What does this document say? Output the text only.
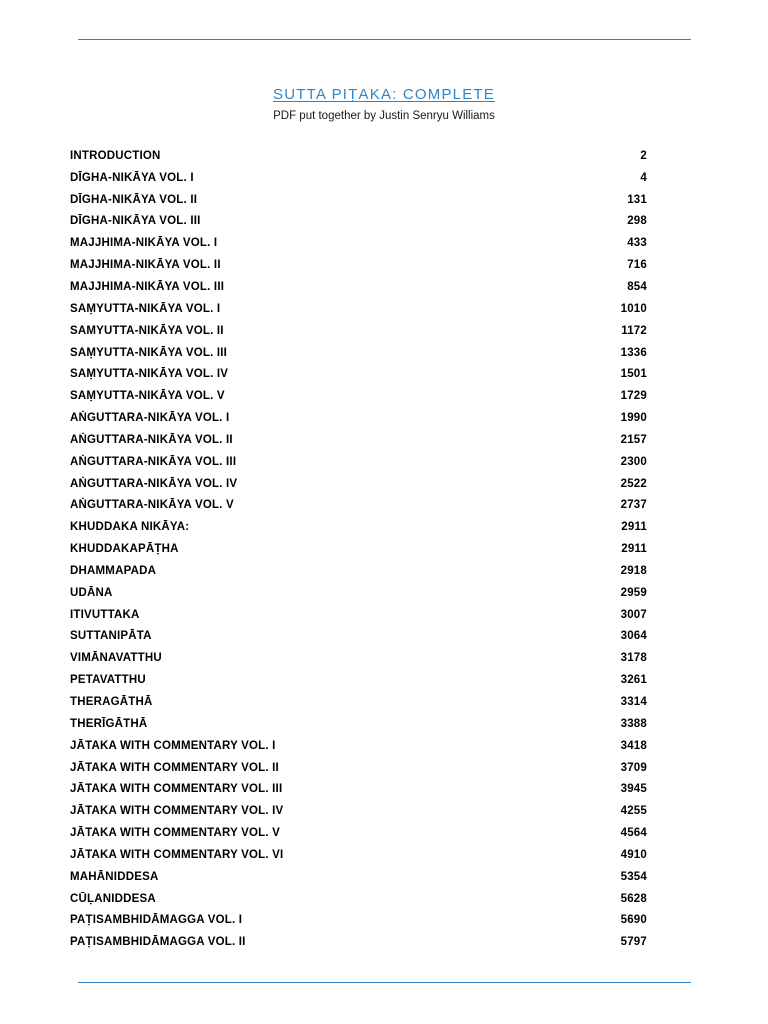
SUTTA PIṬAKA: COMPLETE
PDF put together by Justin Senryu Williams
INTRODUCTION	2
DĪGHA-NIKĀYA VOL. I	4
DĪGHA-NIKĀYA VOL. II	131
DĪGHA-NIKĀYA VOL. III	298
MAJJHIMA-NIKĀYA VOL. I	433
MAJJHIMA-NIKĀYA VOL. II	716
MAJJHIMA-NIKĀYA VOL. III	854
SAṂYUTTA-NIKĀYA VOL. I	1010
SAMYUTTA-NIKĀYA VOL. II	1172
SAṂYUTTA-NIKĀYA VOL. III	1336
SAṂYUTTA-NIKĀYA VOL. IV	1501
SAṂYUTTA-NIKĀYA VOL. V	1729
AṄGUTTARA-NIKĀYA VOL. I	1990
AṄGUTTARA-NIKĀYA VOL. II	2157
AṄGUTTARA-NIKĀYA VOL. III	2300
AṄGUTTARA-NIKĀYA VOL. IV	2522
AṄGUTTARA-NIKĀYA VOL. V	2737
KHUDDAKA NIKĀYA:	2911
KHUDDAKAPĀṬHA	2911
DHAMMAPADA	2918
UDĀNA	2959
ITIVUTTAKA	3007
SUTTANIPĀTA	3064
VIMĀNAVATTHU	3178
PETAVATTHU	3261
THERAGĀTHĀ	3314
THERĪGĀTHĀ	3388
JĀTAKA WITH COMMENTARY VOL. I	3418
JĀTAKA WITH COMMENTARY VOL. II	3709
JĀTAKA WITH COMMENTARY VOL. III	3945
JĀTAKA WITH COMMENTARY VOL. IV	4255
JĀTAKA WITH COMMENTARY VOL. V	4564
JĀTAKA WITH COMMENTARY VOL. VI	4910
MAHĀNIDDESA	5354
CŪḶANIDDESA	5628
PAṬISAMBHIDĀMAGGA VOL. I	5690
PAṬISAMBHIDĀMAGGA VOL. II	5797
